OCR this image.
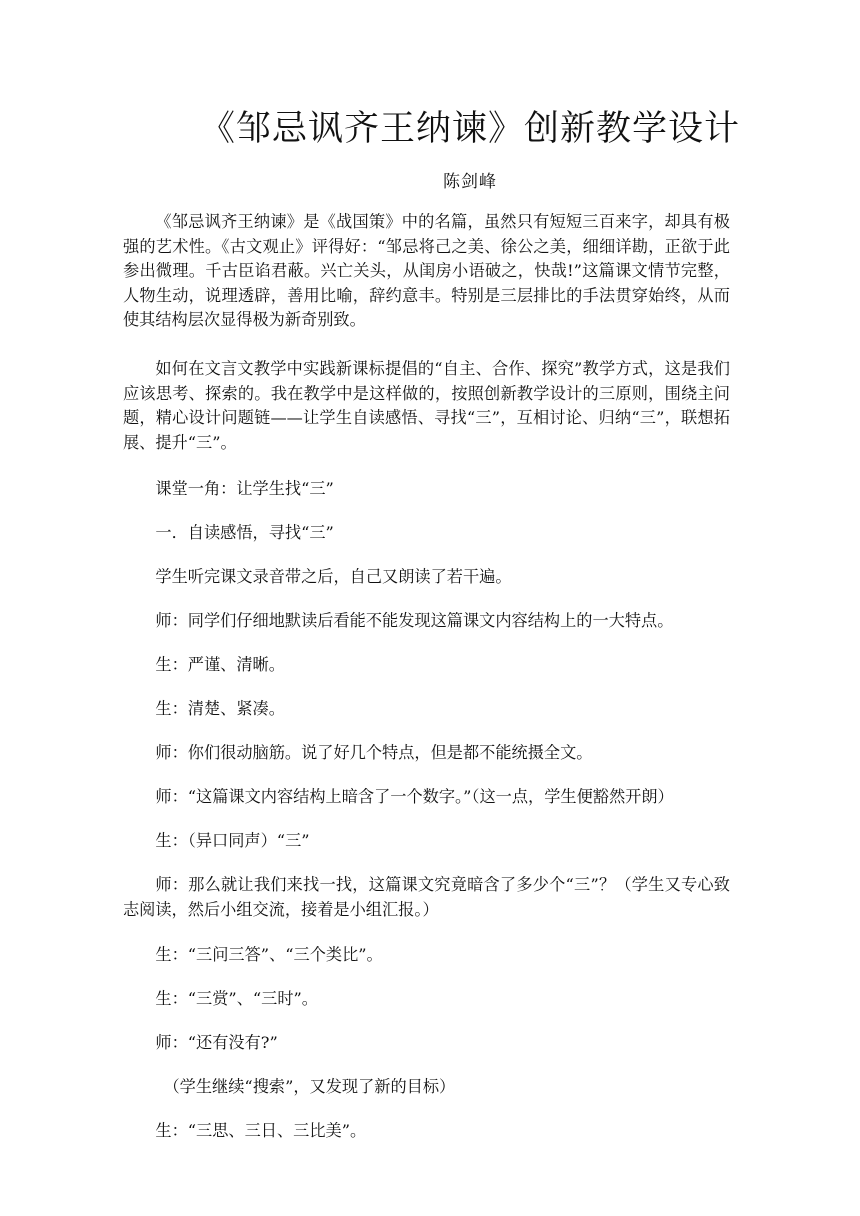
《邹忌讽齐王纳谏》创新教学设计
陈剑峰

《邹忌讽齐王纳谏》是《战国策》中的名篇，虽然只有短短三百来字，却具有极强的艺术性。《古文观止》评得好：“邹忌将己之美、徐公之美，细细详勘，正欲于此参出微理。千古臣谄君蔽。兴亡关头，从闺房小语破之，快哉!”这篇课文情节完整，人物生动，说理透辟，善用比喻，辞约意丰。特别是三层排比的手法贯穿始终，从而使其结构层次显得极为新奇别致。

如何在文言文教学中实践新课标提倡的“自主、合作、探究”教学方式，这是我们应该思考、探索的。我在教学中是这样做的，按照创新教学设计的三原则，围绕主问题，精心设计问题链——让学生自读感悟、寻找“三”，互相讨论、归纳“三”，联想拓展、提升“三”。

课堂一角：让学生找“三”

一．自读感悟，寻找“三”

学生听完课文录音带之后，自己又朗读了若干遍。

师：同学们仔细地默读后看能不能发现这篇课文内容结构上的一大特点。

生：严谨、清晰。

生：清楚、紧凑。

师：你们很动脑筋。说了好几个特点，但是都不能统摄全文。

师：“这篇课文内容结构上暗含了一个数字。”（这一点，学生便豁然开朗）

生：（异口同声）“三”

师：那么就让我们来找一找，这篇课文究竟暗含了多少个“三”？（学生又专心致志阅读，然后小组交流，接着是小组汇报。）

生：“三问三答”、“三个类比”。

生：“三赏”、“三时”。

师：“还有没有?”

（学生继续“搜索”，又发现了新的目标）

生：“三思、三日、三比美”。
